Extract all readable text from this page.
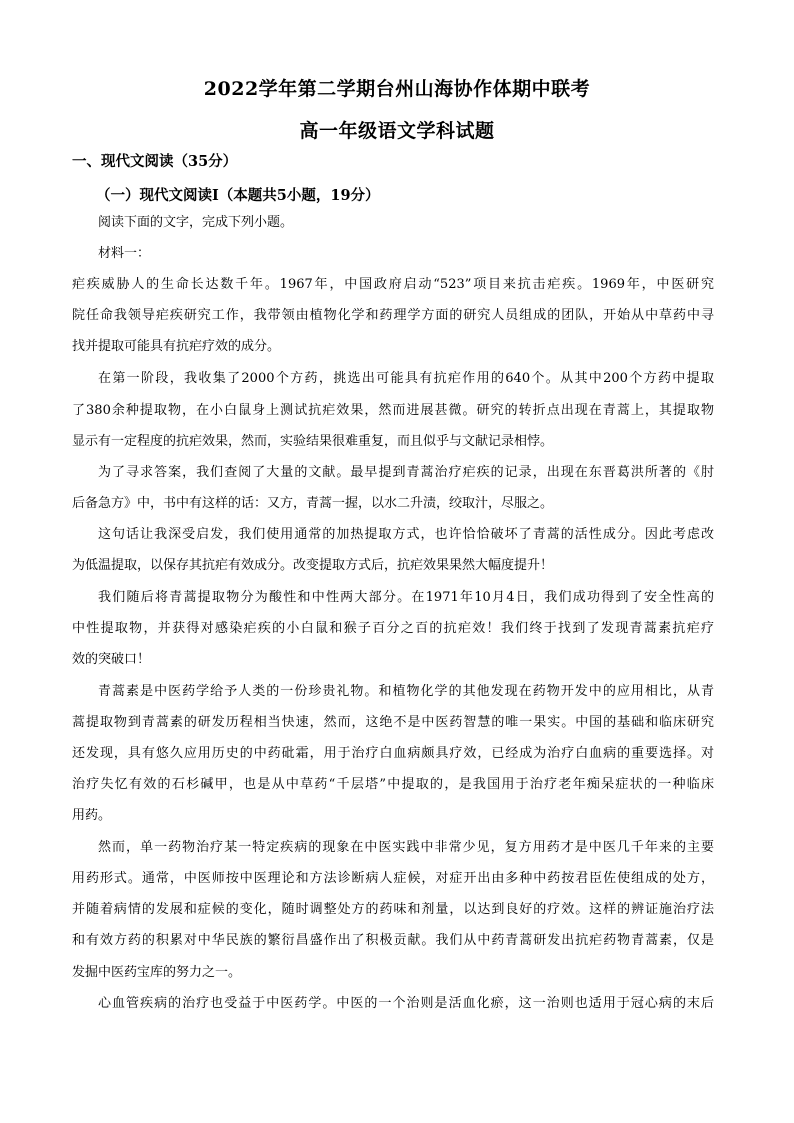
2022学年第二学期台州山海协作体期中联考
高一年级语文学科试题
一、现代文阅读（35分）
（一）现代文阅读Ⅰ（本题共5小题，19分）
阅读下面的文字，完成下列小题。
材料一：
疟疾威胁人的生命长达数千年。1967年，中国政府启动“523”项目来抗击疟疾。1969年，中医研究
院任命我领导疟疾研究工作，我带领由植物化学和药理学方面的研究人员组成的团队，开始从中草药中寻
找并提取可能具有抗疟疗效的成分。
在第一阶段，我收集了2000个方药，挑选出可能具有抗疟作用的640个。从其中200个方药中提取
了380余种提取物，在小白鼠身上测试抗疟效果，然而进展甚微。研究的转折点出现在青蒿上，其提取物
显示有一定程度的抗疟效果，然而，实验结果很难重复，而且似乎与文献记录相悖。
为了寻求答案，我们查阅了大量的文献。最早提到青蒿治疗疟疾的记录，出现在东晋葛洪所著的《肘
后备急方》中，书中有这样的话：又方，青蒿一握，以水二升渍，绞取汁，尽服之。
这句话让我深受启发，我们使用通常的加热提取方式，也许恰恰破坏了青蒿的活性成分。因此考虑改
为低温提取，以保存其抗疟有效成分。改变提取方式后，抗疟效果果然大幅度提升！
我们随后将青蒿提取物分为酸性和中性两大部分。在1971年10月4日，我们成功得到了安全性高的
中性提取物，并获得对感染疟疾的小白鼠和猴子百分之百的抗疟效！我们终于找到了发现青蒿素抗疟疗
效的突破口！
青蒿素是中医药学给予人类的一份珍贵礼物。和植物化学的其他发现在药物开发中的应用相比，从青
蒿提取物到青蒿素的研发历程相当快速，然而，这绝不是中医药智慧的唯一果实。中国的基础和临床研究
还发现，具有悠久应用历史的中药砒霜，用于治疗白血病颇具疗效，已经成为治疗白血病的重要选择。对
治疗失忆有效的石杉碱甲，也是从中草药“千层塔”中提取的，是我国用于治疗老年痴呆症状的一种临床
用药。
然而，单一药物治疗某一特定疾病的现象在中医实践中非常少见，复方用药才是中医几千年来的主要
用药形式。通常，中医师按中医理论和方法诊断病人症候，对症开出由多种中药按君臣佐使组成的处方，
并随着病情的发展和症候的变化，随时调整处方的药味和剂量，以达到良好的疗效。这样的辨证施治疗法
和有效方药的积累对中华民族的繁衍昌盛作出了积极贡献。我们从中药青蒿研发出抗疟药物青蒿素，仅是
发掘中医药宝库的努力之一。
心血管疾病的治疗也受益于中医药学。中医的一个治则是活血化瘀，这一治则也适用于冠心病的末后
